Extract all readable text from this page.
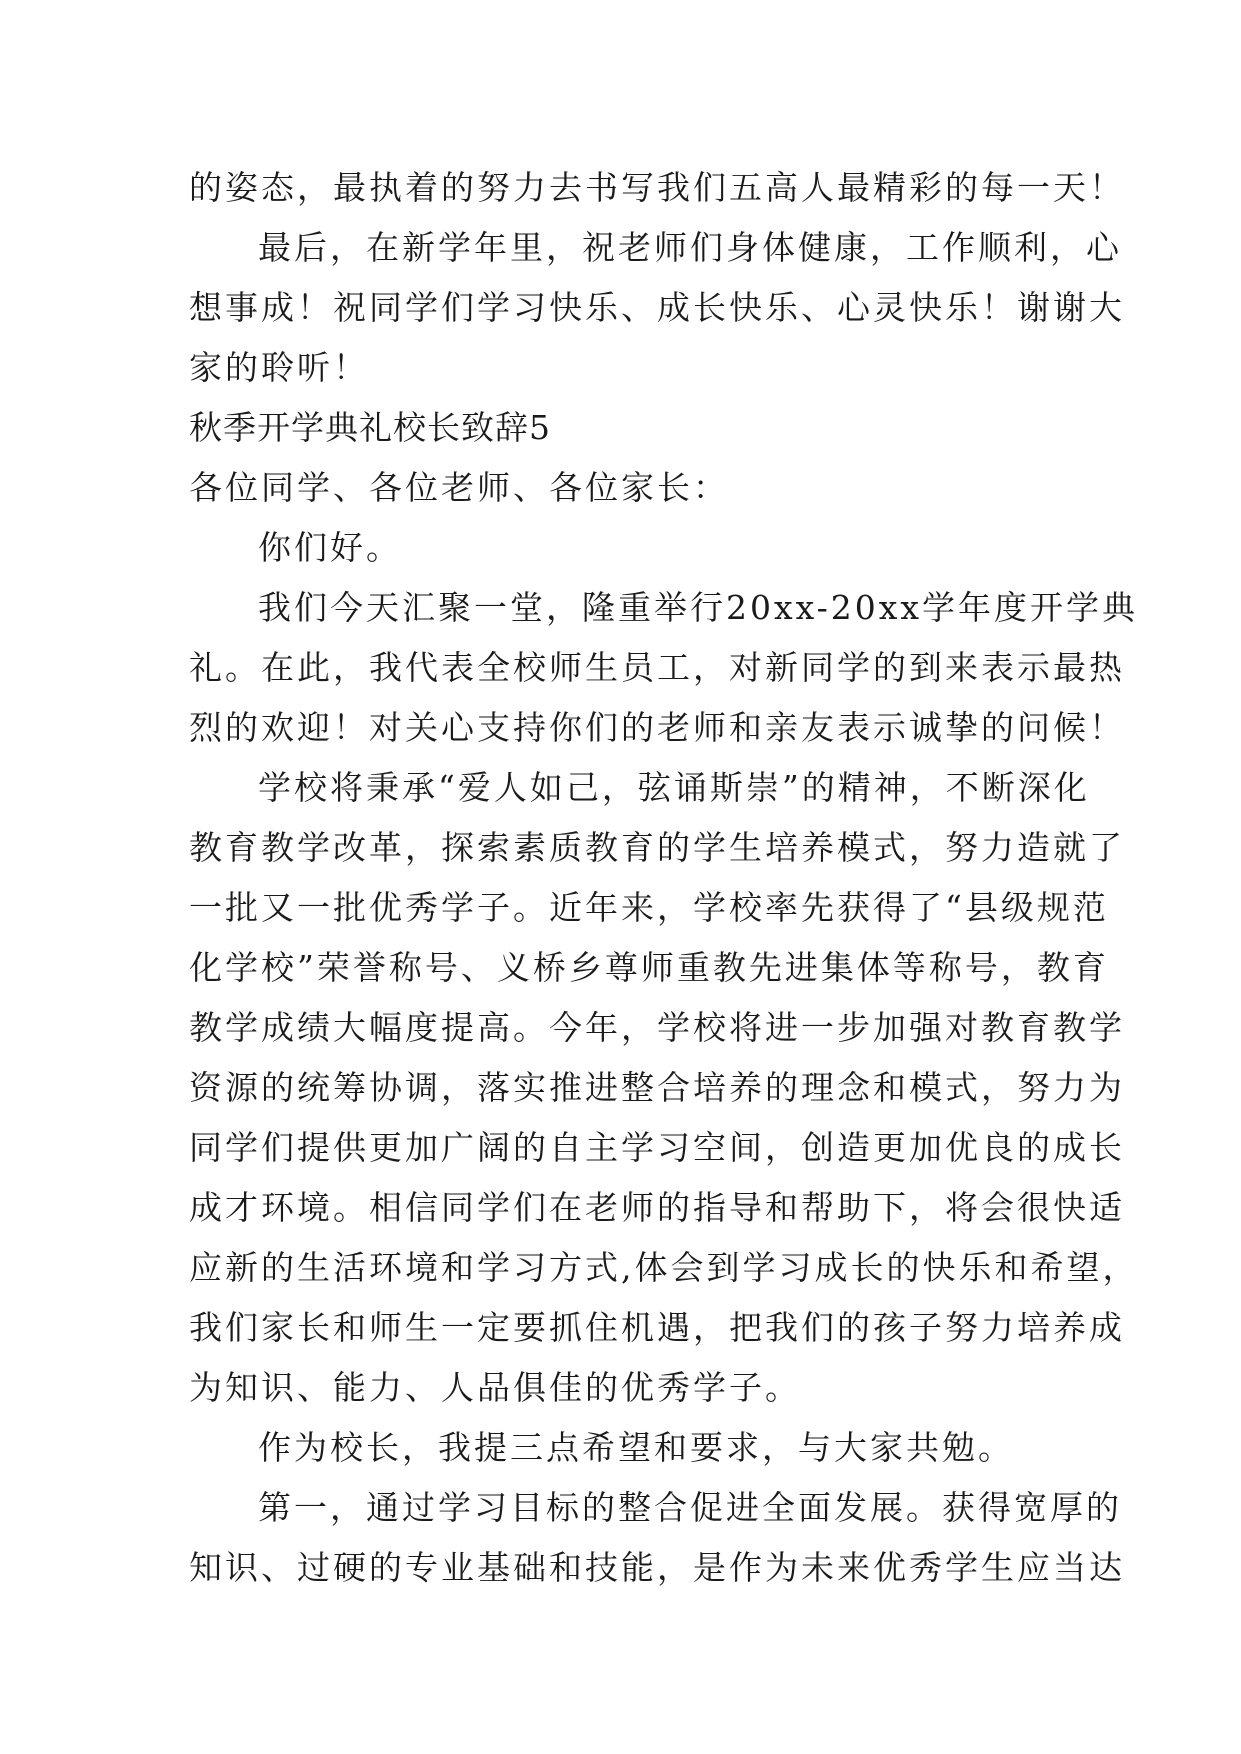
的姿态，最执着的努力去书写我们五高人最精彩的每一天！
最后，在新学年里，祝老师们身体健康，工作顺利，心
想事成！祝同学们学习快乐、成长快乐、心灵快乐！谢谢大
家的聆听！
秋季开学典礼校长致辞5
各位同学、各位老师、各位家长：
你们好。
我们今天汇聚一堂，隆重举行20xx-20xx学年度开学典
礼。在此，我代表全校师生员工，对新同学的到来表示最热
烈的欢迎！对关心支持你们的老师和亲友表示诚挚的问候！
学校将秉承“爱人如己，弦诵斯崇”的精神，不断深化
教育教学改革，探索素质教育的学生培养模式，努力造就了
一批又一批优秀学子。近年来，学校率先获得了“县级规范
化学校”荣誉称号、义桥乡尊师重教先进集体等称号，教育
教学成绩大幅度提高。今年，学校将进一步加强对教育教学
资源的统筹协调，落实推进整合培养的理念和模式，努力为
同学们提供更加广阔的自主学习空间，创造更加优良的成长
成才环境。相信同学们在老师的指导和帮助下，将会很快适
应新的生活环境和学习方式,体会到学习成长的快乐和希望，
我们家长和师生一定要抓住机遇，把我们的孩子努力培养成
为知识、能力、人品俱佳的优秀学子。
作为校长，我提三点希望和要求，与大家共勉。
第一，通过学习目标的整合促进全面发展。获得宽厚的
知识、过硬的专业基础和技能，是作为未来优秀学生应当达
